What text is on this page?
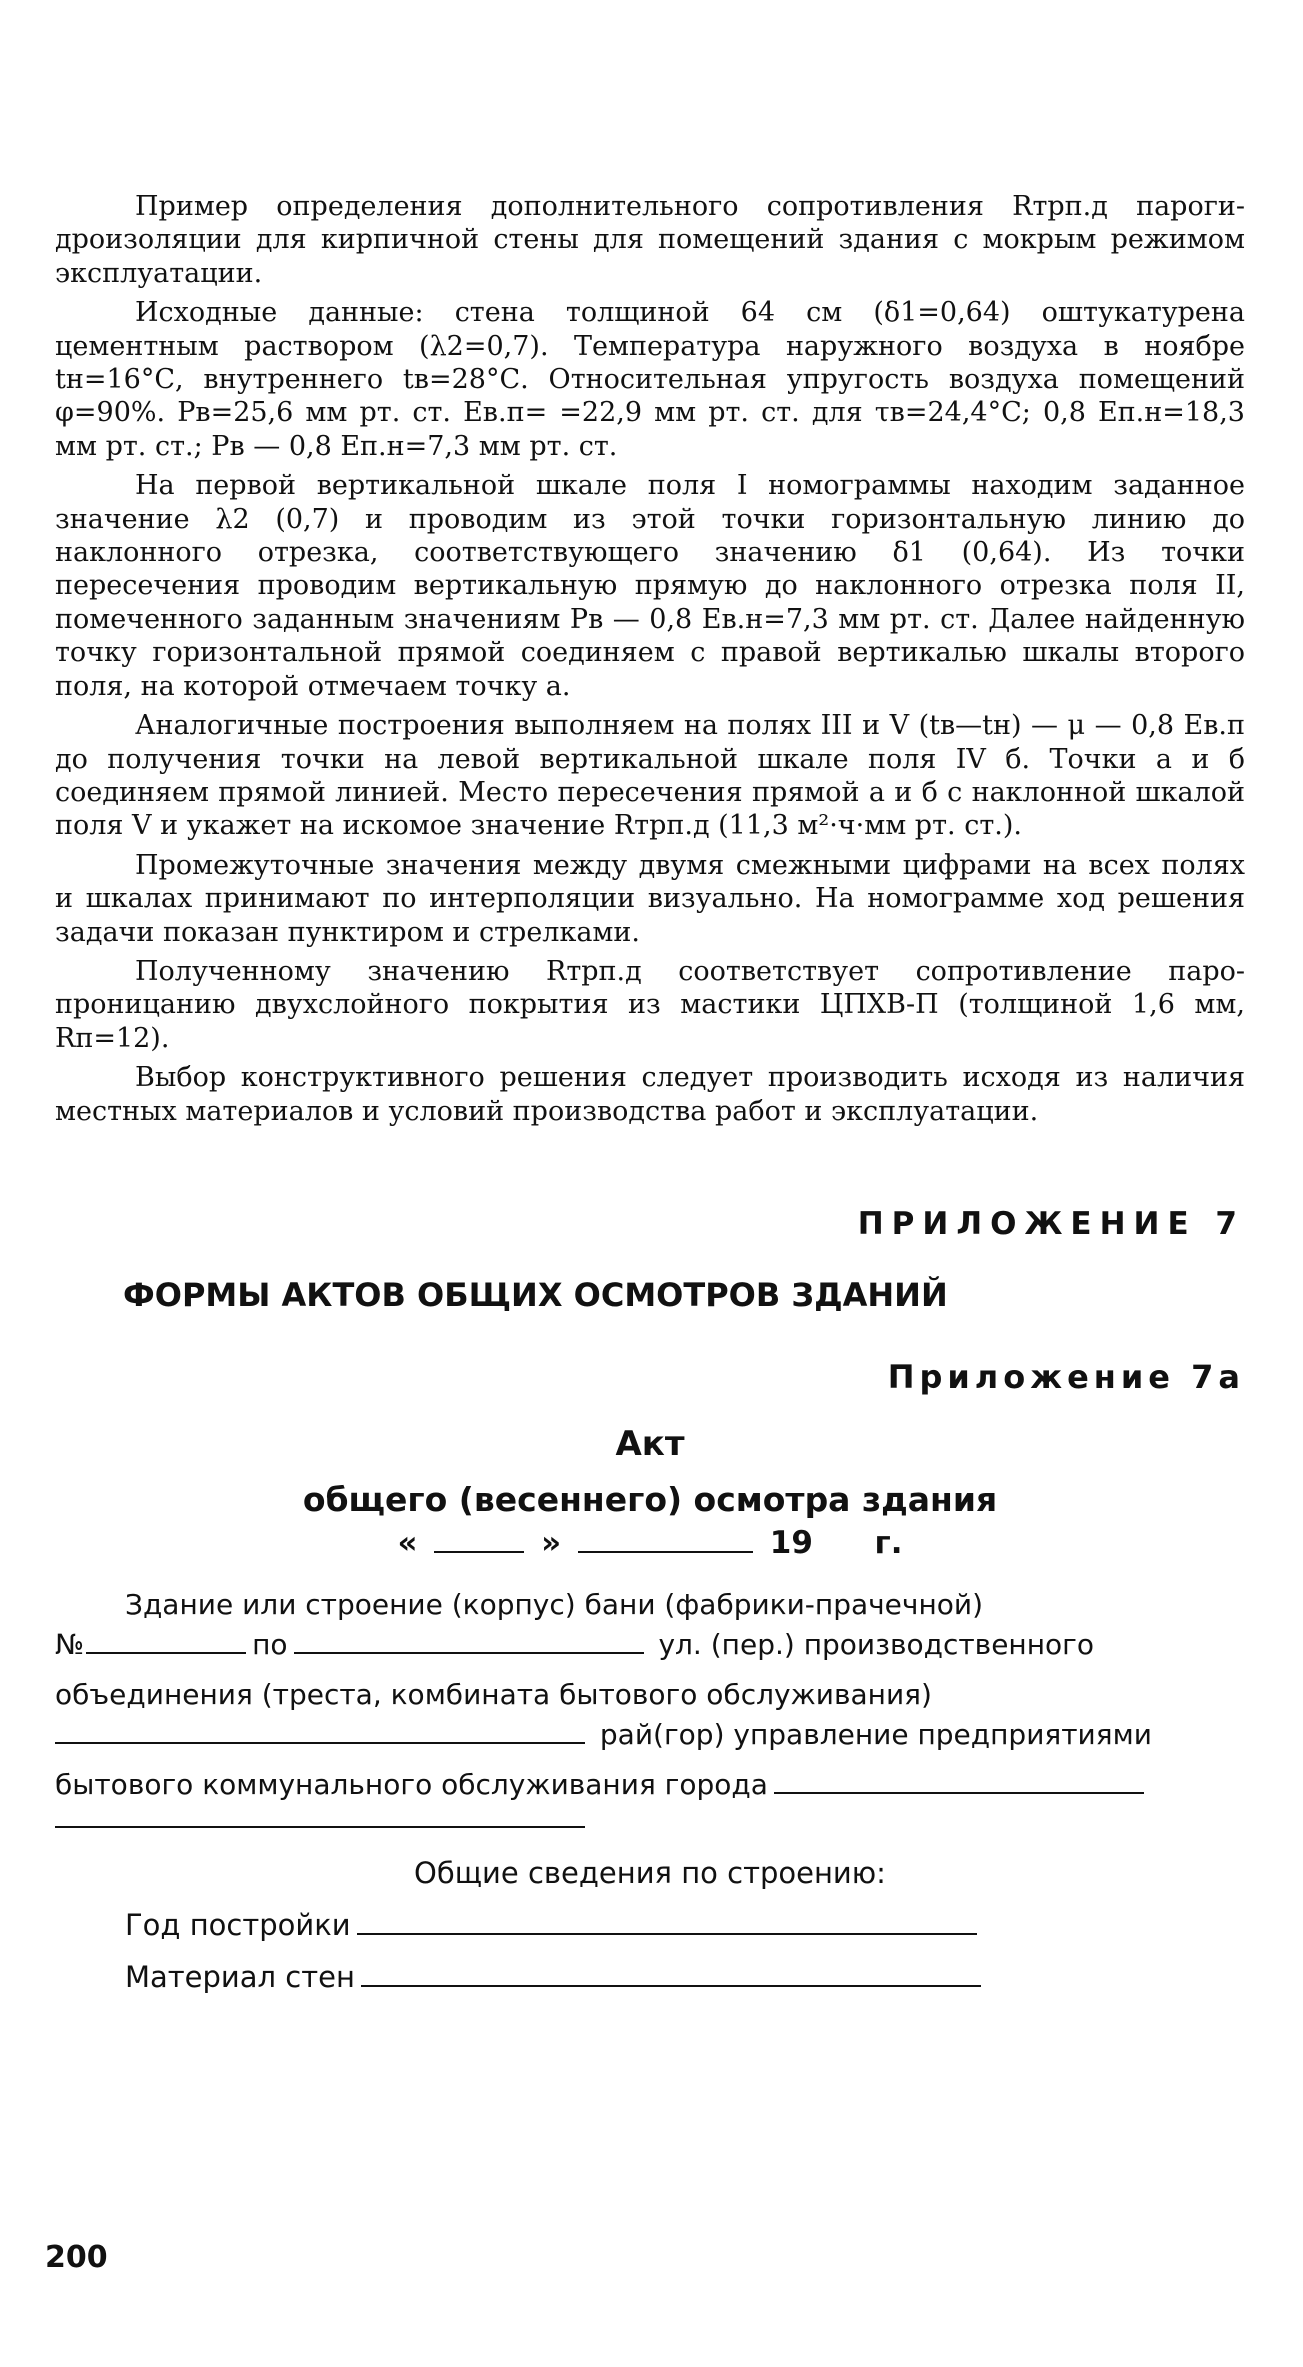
Пример определения дополнительного сопротивления Rтрп.д парогидроизоляции для кирпичной стены для помещений здания с мокрым режимом эксплуатации.

Исходные данные: стена толщиной 64 см (δ1=0,64) оштукатурена цементным раствором (λ2=0,7). Температура наружного воздуха в ноябре tн=16°С, внутреннего tв=28°С. Относительная упругость воздуха помещений φ=90%. Pв=25,6 мм рт. ст. Eв.п= =22,9 мм рт. ст. для τв=24,4°С; 0,8 Eп.н=18,3 мм рт. ст.; Pв — 0,8 Eп.н=7,3 мм рт. ст.

На первой вертикальной шкале поля I номограммы находим заданное значение λ2 (0,7) и проводим из этой точки горизонтальную линию до наклонного отрезка, соответствующего значению δ1 (0,64). Из точки пересечения проводим вертикальную прямую до наклонного отрезка поля II, помеченного заданным значениям Pв — 0,8 Eв.н=7,3 мм рт. ст. Далее найденную точку горизонтальной прямой соединяем с правой вертикалью шкалы второго поля, на которой отмечаем точку а.

Аналогичные построения выполняем на полях III и V (tв—tн) — μ — 0,8 Eв.п до получения точки на левой вертикальной шкале поля IV б. Точки а и б соединяем прямой линией. Место пересечения прямой а и б с наклонной шкалой поля V и укажет на искомое значение Rтрп.д (11,3 м²·ч·мм рт. ст.).

Промежуточные значения между двумя смежными цифрами на всех полях и шкалах принимают по интерполяции визуально. На номограмме ход решения задачи показан пунктиром и стрелками.

Полученному значению Rтрп.д соответствует сопротивление паропроницанию двухслойного покрытия из мастики ЦПХВ-П (толщиной 1,6 мм, Rп=12).

Выбор конструктивного решения следует производить исходя из наличия местных материалов и условий производства работ и эксплуатации.

ПРИЛОЖЕНИЕ 7
ФОРМЫ АКТОВ ОБЩИХ ОСМОТРОВ ЗДАНИЙ
Приложение 7а
Акт
общего (весеннего) осмотра здания
«	»	19 г.
Здание или строение (корпус) бани (фабрики-прачечной)
№	по	ул. (пер.) производственного
объединения (треста, комбината бытового обслуживания)
рай(гор) управление предприятиями
бытового коммунального обслуживания города
Общие сведения по строению:
Год постройки
Материал стен
200
